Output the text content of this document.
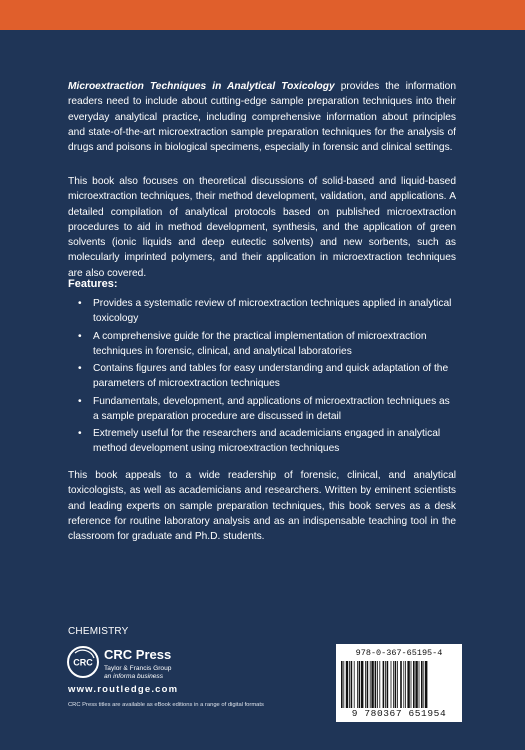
Microextraction Techniques in Analytical Toxicology provides the information readers need to include about cutting-edge sample preparation techniques into their everyday analytical practice, including comprehensive information about principles and state-of-the-art microextraction sample preparation techniques for the analysis of drugs and poisons in biological specimens, especially in forensic and clinical settings.

This book also focuses on theoretical discussions of solid-based and liquid-based microextraction techniques, their method development, validation, and applications. A detailed compilation of analytical protocols based on published microextraction procedures to aid in method development, synthesis, and the application of green solvents (ionic liquids and deep eutectic solvents) and new sorbents, such as molecularly imprinted polymers, and their application in microextraction techniques are also covered.

Features:

• Provides a systematic review of microextraction techniques applied in analytical toxicology
• A comprehensive guide for the practical implementation of microextraction techniques in forensic, clinical, and analytical laboratories
• Contains figures and tables for easy understanding and quick adaptation of the parameters of microextraction techniques
• Fundamentals, development, and applications of microextraction techniques as a sample preparation procedure are discussed in detail
• Extremely useful for the researchers and academicians engaged in analytical method development using microextraction techniques

This book appeals to a wide readership of forensic, clinical, and analytical toxicologists, as well as academicians and researchers. Written by eminent scientists and leading experts on sample preparation techniques, this book serves as a desk reference for routine laboratory analysis and as an indispensable teaching tool in the classroom for graduate and Ph.D. students.

CHEMISTRY
CRC
CRC Press
Taylor & Francis Group
an informa business
www.routledge.com
CRC Press titles are available as eBook editions in a range of digital formats
978-0-367-65195-4
9 780367 651954
